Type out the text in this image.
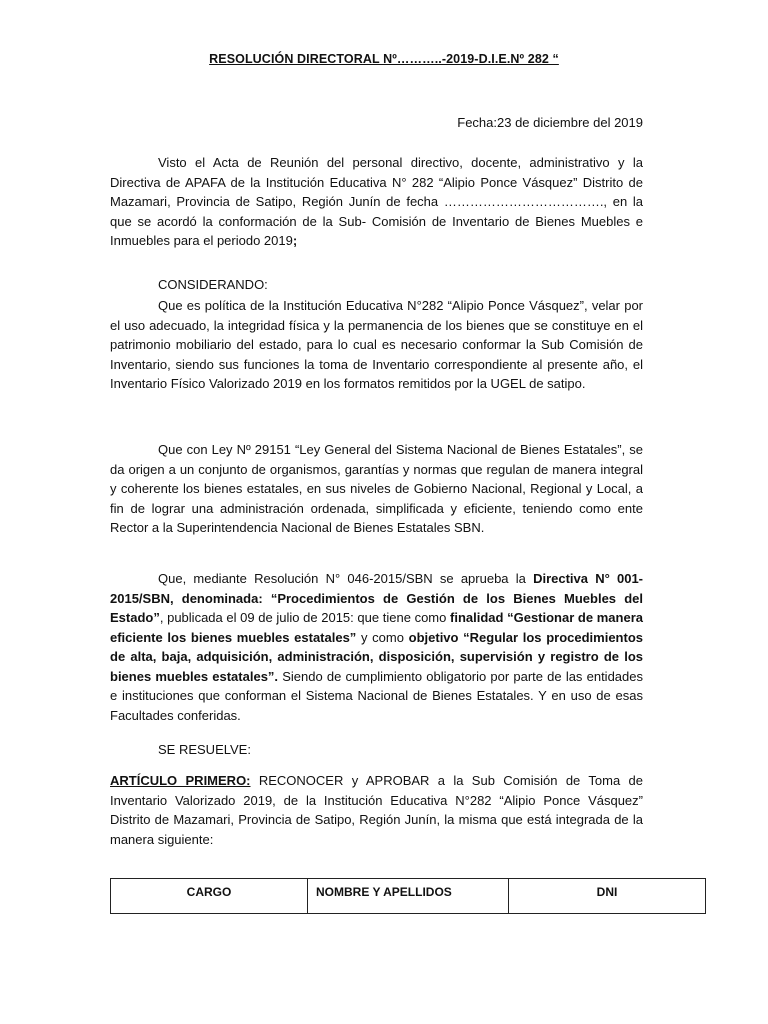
RESOLUCIÓN DIRECTORAL Nº………..-2019-D.I.E.Nº 282 “
Fecha:23 de diciembre del 2019

Visto el Acta de Reunión del personal directivo, docente, administrativo y la Directiva de APAFA de la Institución Educativa N° 282 “Alipio Ponce Vásquez” Distrito de Mazamari, Provincia de Satipo, Región Junín de fecha ………………………………., en la que se acordó la conformación de la Sub- Comisión de Inventario de Bienes Muebles e Inmuebles para el periodo 2019;

CONSIDERANDO:

Que es política de la Institución Educativa N°282 “Alipio Ponce Vásquez”, velar por el uso adecuado, la integridad física y la permanencia de los bienes que se constituye en el patrimonio mobiliario del estado, para lo cual es necesario conformar la Sub Comisión de Inventario, siendo sus funciones la toma de Inventario correspondiente al presente año, el Inventario Físico Valorizado 2019 en los formatos remitidos por la UGEL de satipo.

Que con Ley Nº 29151 “Ley General del Sistema Nacional de Bienes Estatales”, se da origen a un conjunto de organismos, garantías y normas que regulan de manera integral y coherente los bienes estatales, en sus niveles de Gobierno Nacional, Regional y Local, a fin de lograr una administración ordenada, simplificada y eficiente, teniendo como ente Rector a la Superintendencia Nacional de Bienes Estatales SBN.

Que, mediante Resolución N° 046-2015/SBN se aprueba la Directiva N° 001-2015/SBN, denominada: “Procedimientos de Gestión de los Bienes Muebles del Estado”, publicada el 09 de julio de 2015: que tiene como finalidad “Gestionar de manera eficiente los bienes muebles estatales” y como objetivo “Regular los procedimientos de alta, baja, adquisición, administración, disposición, supervisión y registro de los bienes muebles estatales”. Siendo de cumplimiento obligatorio por parte de las entidades e instituciones que conforman el Sistema Nacional de Bienes Estatales. Y en uso de esas Facultades conferidas.

SE RESUELVE:

ARTÍCULO PRIMERO: RECONOCER y APROBAR a la Sub Comisión de Toma de Inventario Valorizado 2019, de la Institución Educativa N°282 “Alipio Ponce Vásquez” Distrito de Mazamari, Provincia de Satipo, Región Junín, la misma que está integrada de la manera siguiente:

CARGO	NOMBRE Y APELLIDOS	DNI
